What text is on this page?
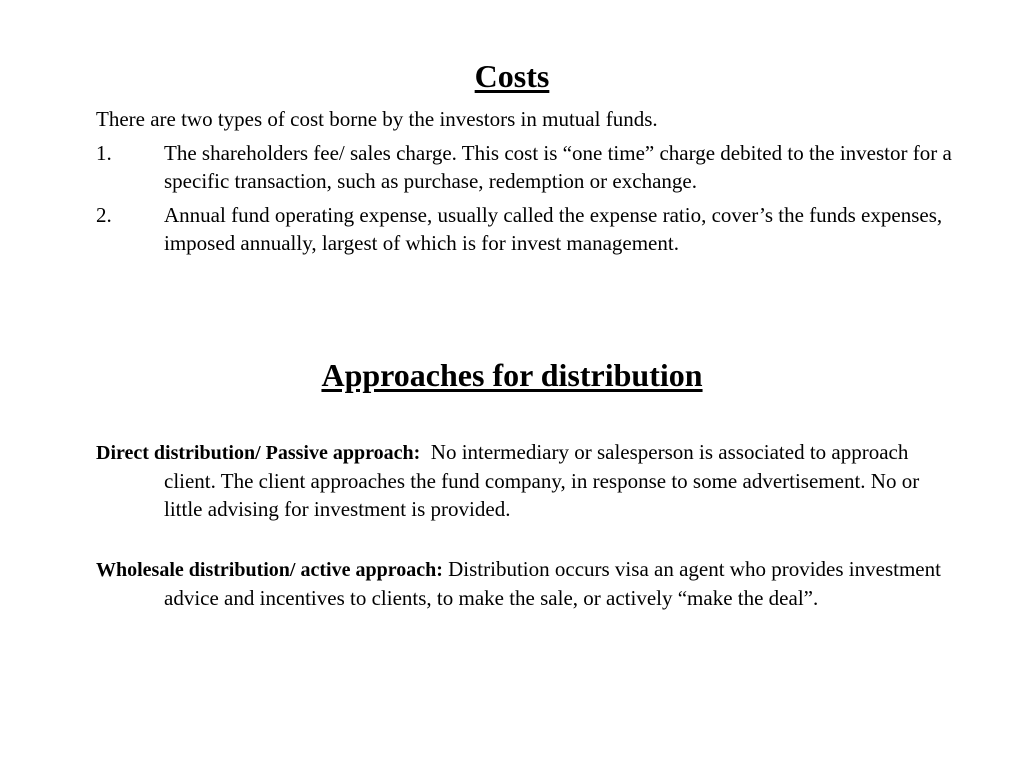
Costs
There are two types of cost borne by the investors in mutual funds.
1. The shareholders fee/ sales charge. This cost is “one time” charge debited to the investor for a specific transaction, such as purchase, redemption or exchange.
2. Annual fund operating expense, usually called the expense ratio, cover’s the funds expenses, imposed annually, largest of which is for invest management.
Approaches for distribution

Direct distribution/ Passive approach: No intermediary or salesperson is associated to approach client. The client approaches the fund company, in response to some advertisement. No or little advising for investment is provided.

Wholesale distribution/ active approach: Distribution occurs visa an agent who provides investment advice and incentives to clients, to make the sale, or actively “make the deal”.
